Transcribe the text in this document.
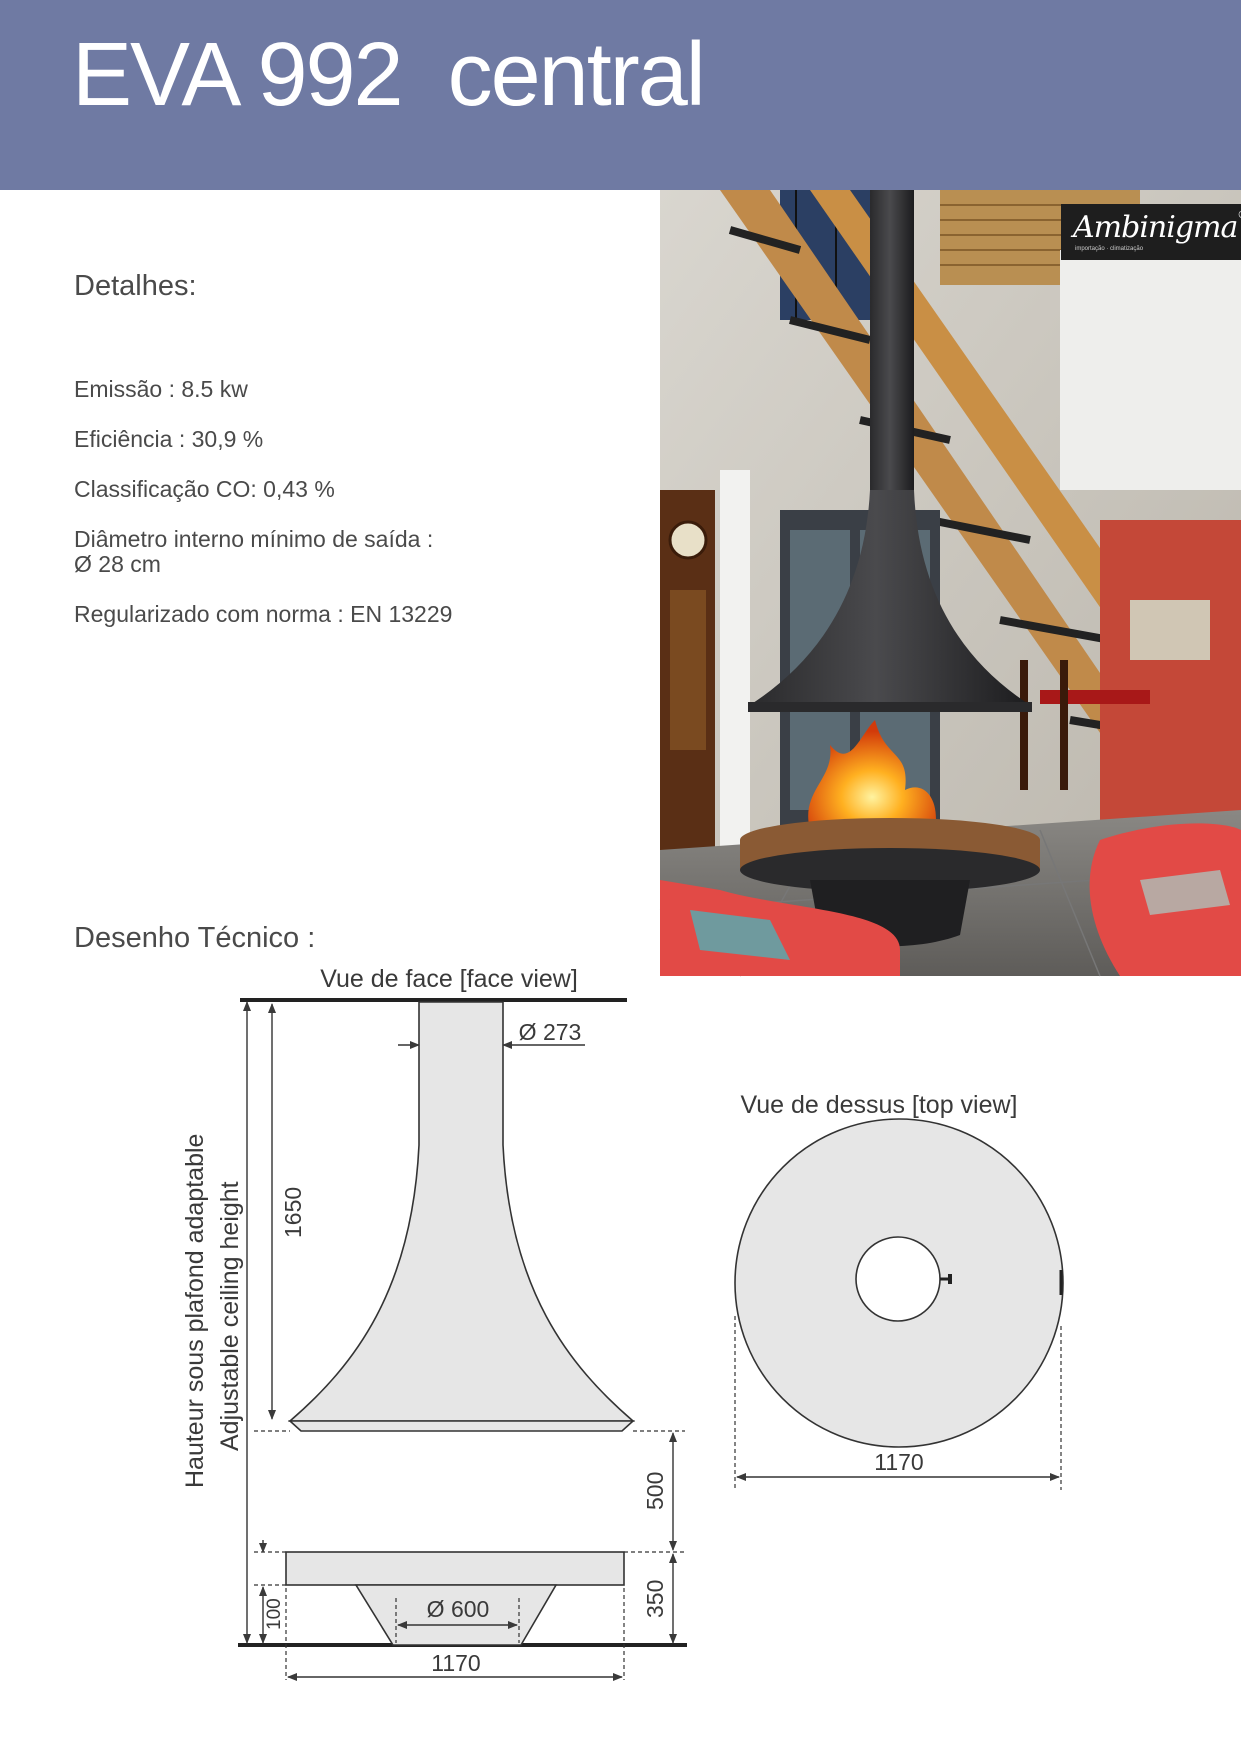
EVA 992  central
Detalhes:
Emissão : 8.5 kw
Eficiência : 30,9 %
Classificação CO: 0,43 %
Diâmetro interno mínimo de saída :
Ø 28 cm
Regularizado com norma : EN 13229
Desenho Técnico :
Ambinigma®
importação · climatização
Vue de face [face view]
Ø 273
Ø 600
1170
Hauteur sous plafond adaptable Adjustable ceiling height 1650
500
350
100
Vue de dessus [top view]
1170
